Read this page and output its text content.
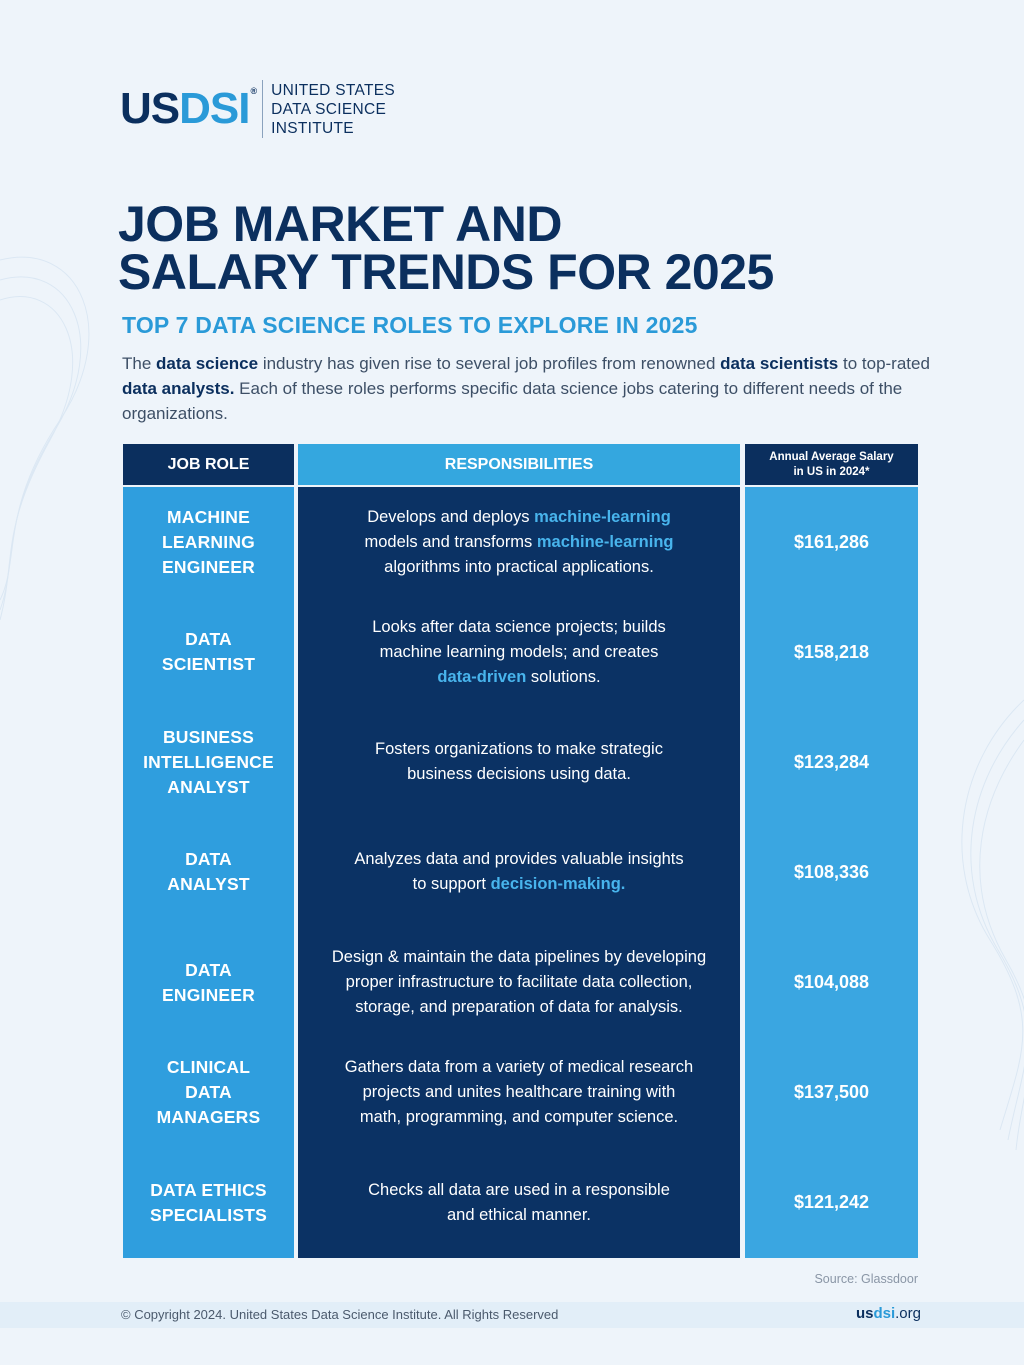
USDSI® UNITED STATES
DATA SCIENCE
INSTITUTE
JOB MARKET AND
SALARY TRENDS FOR 2025
TOP 7 DATA SCIENCE ROLES TO EXPLORE IN 2025

The data science industry has given rise to several job profiles from renowned data scientists to top-rated data analysts. Each of these roles performs specific data science jobs catering to different needs of the organizations.

JOB ROLE
MACHINE
LEARNING
ENGINEER
DATA
SCIENTIST
BUSINESS
INTELLIGENCE
ANALYST
DATA
ANALYST
DATA
ENGINEER
CLINICAL
DATA
MANAGERS
DATA ETHICS
SPECIALISTS
RESPONSIBILITIES
Develops and deploys machine-learning
models and transforms machine-learning
algorithms into practical applications.
Looks after data science projects; builds
machine learning models; and creates
data-driven solutions.
Fosters organizations to make strategic
business decisions using data.
Analyzes data and provides valuable insights
to support decision-making.
Design & maintain the data pipelines by developing
proper infrastructure to facilitate data collection,
storage, and preparation of data for analysis.
Gathers data from a variety of medical research
projects and unites healthcare training with
math, programming, and computer science.
Checks all data are used in a responsible
and ethical manner.
Annual Average Salary
in US in 2024*
$161,286
$158,218
$123,284
$108,336
$104,088
$137,500
$121,242
Source: Glassdoor
© Copyright 2024. United States Data Science Institute. All Rights Reserved	usdsi.org
